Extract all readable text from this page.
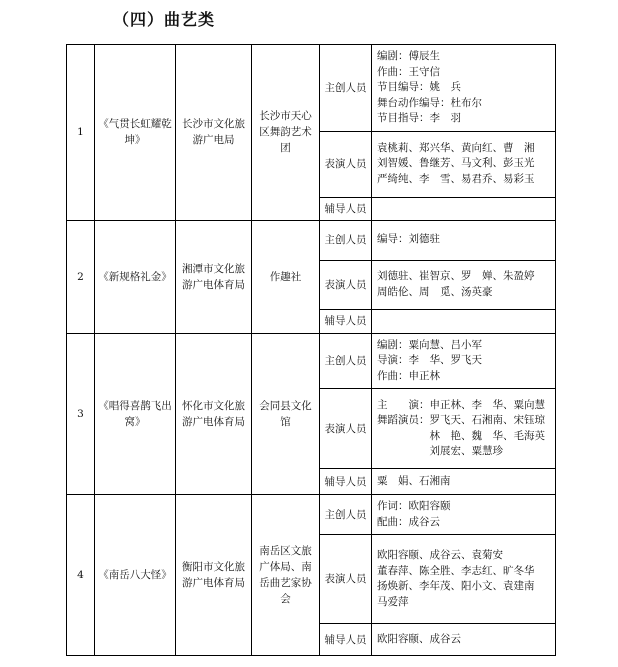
（四）曲艺类
1	《气贯长虹耀乾坤》	长沙市文化旅游广电局	长沙市天心区舞韵艺术团	主创人员	编剧：傅辰生
作曲：王守信
节目编导：姚　兵
舞台动作编导：杜布尔
节目指导：李　羽

				表演人员	袁桃莉、郑兴华、黄向红、曹　湘
刘智媛、鲁继芳、马文利、彭玉光
严绮纯、李　雪、易君乔、易彩玉

				辅导人员	
2	《新规格礼金》	湘潭市文化旅游广电体育局	作趣社	主创人员	编导：刘德驻

				表演人员	刘德驻、崔智京、罗　婵、朱盈婷
周皓伦、周　觅、汤英豪

				辅导人员	
3	《唱得喜鹊飞出窝》	怀化市文化旅游广电体育局	会同县文化馆	主创人员	编剧：粟向慧、吕小军
导演：李　华、罗飞天
作曲：申正林

				表演人员	主　　演：申正林、李　华、粟向慧
舞蹈演员：罗飞天、石湘南、宋钰琼
　　　　　林　艳、魏　华、毛海英
　　　　　刘展宏、粟慧珍

				辅导人员	粟　娟、石湘南

4	《南岳八大怪》	衡阳市文化旅游广电体育局	南岳区文旅广体局、南岳曲艺家协会	主创人员	作词：欧阳容颐
配曲：成谷云

				表演人员	欧阳容颐、成谷云、袁菊安
董春萍、陈全胜、李志红、旷冬华
扬焕新、李年茂、阳小文、袁建南
马爱萍

				辅导人员	欧阳容颐、成谷云
